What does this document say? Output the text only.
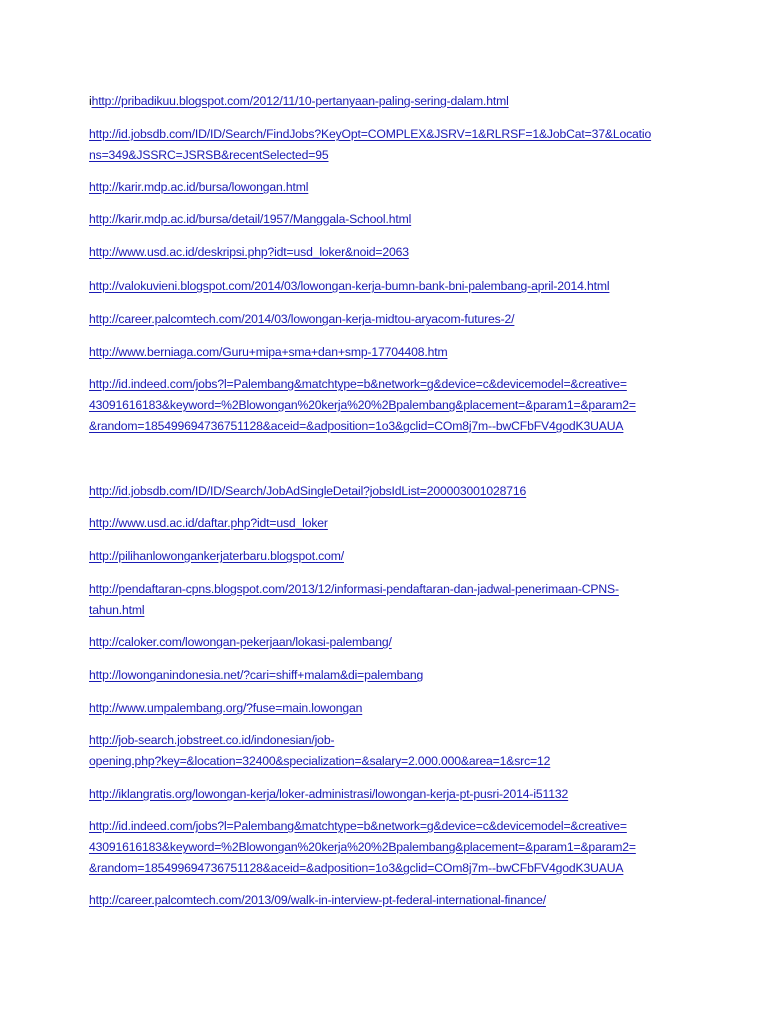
ihttp://pribadikuu.blogspot.com/2012/11/10-pertanyaan-paling-sering-dalam.html
http://id.jobsdb.com/ID/ID/Search/FindJobs?KeyOpt=COMPLEX&JSRV=1&RLRSF=1&JobCat=37&Locatio
ns=349&JSSRC=JSRSB&recentSelected=95
http://karir.mdp.ac.id/bursa/lowongan.html
http://karir.mdp.ac.id/bursa/detail/1957/Manggala-School.html
http://www.usd.ac.id/deskripsi.php?idt=usd_loker&noid=2063
http://valokuvieni.blogspot.com/2014/03/lowongan-kerja-bumn-bank-bni-palembang-april-2014.html
http://career.palcomtech.com/2014/03/lowongan-kerja-midtou-aryacom-futures-2/
http://www.berniaga.com/Guru+mipa+sma+dan+smp-17704408.htm
http://id.indeed.com/jobs?l=Palembang&matchtype=b&network=g&device=c&devicemodel=&creative=
43091616183&keyword=%2Blowongan%20kerja%20%2Bpalembang&placement=&param1=&param2=
&random=185499694736751128&aceid=&adposition=1o3&gclid=COm8j7m--bwCFbFV4godK3UAUA
http://id.jobsdb.com/ID/ID/Search/JobAdSingleDetail?jobsIdList=200003001028716
http://www.usd.ac.id/daftar.php?idt=usd_loker
http://pilihanlowongankerjaterbaru.blogspot.com/
http://pendaftaran-cpns.blogspot.com/2013/12/informasi-pendaftaran-dan-jadwal-penerimaan-CPNS-
tahun.html
http://caloker.com/lowongan-pekerjaan/lokasi-palembang/
http://lowonganindonesia.net/?cari=shiff+malam&di=palembang
http://www.umpalembang.org/?fuse=main.lowongan
http://job-search.jobstreet.co.id/indonesian/job-
opening.php?key=&location=32400&specialization=&salary=2.000.000&area=1&src=12
http://iklangratis.org/lowongan-kerja/loker-administrasi/lowongan-kerja-pt-pusri-2014-i51132
http://id.indeed.com/jobs?l=Palembang&matchtype=b&network=g&device=c&devicemodel=&creative=
43091616183&keyword=%2Blowongan%20kerja%20%2Bpalembang&placement=&param1=&param2=
&random=185499694736751128&aceid=&adposition=1o3&gclid=COm8j7m--bwCFbFV4godK3UAUA
http://career.palcomtech.com/2013/09/walk-in-interview-pt-federal-international-finance/
